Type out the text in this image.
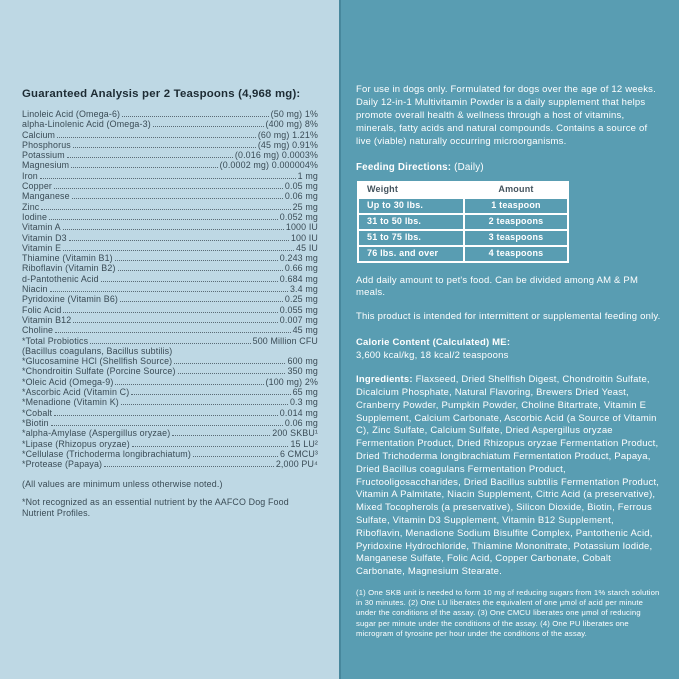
Guaranteed Analysis per 2 Teaspoons (4,968 mg):

Linoleic Acid (Omega-6)	(50 mg) 1%
alpha-Linolenic Acid (Omega-3)	(400 mg) 8%
Calcium	(60 mg) 1.21%
Phosphorus	(45 mg) 0.91%
Potassium	(0.016 mg) 0.0003%
Magnesium	(0.0002 mg) 0.000004%
Iron	1 mg
Copper	0.05 mg
Manganese	0.06 mg
Zinc	25 mg
Iodine	0.052 mg
Vitamin A	1000 IU
Vitamin D3	100 IU
Vitamin E	45 IU
Thiamine (Vitamin B1)	0.243 mg
Riboflavin (Vitamin B2)	0.66 mg
d-Pantothenic Acid	0.684 mg
Niacin	3.4 mg
Pyridoxine (Vitamin B6)	0.25 mg
Folic Acid	0.055 mg
Vitamin B12	0.007 mg
Choline	45 mg
*Total Probiotics	500 Million CFU
(Bacillus coagulans, Bacillus subtilis)
*Glucosamine HCl (Shellfish Source)	600 mg
*Chondroitin Sulfate (Porcine Source)	350 mg
*Oleic Acid (Omega-9)	(100 mg) 2%
*Ascorbic Acid (Vitamin C)	65 mg
*Menadione (Vitamin K)	0.3 mg
*Cobalt	0.014 mg
*Biotin	0.06 mg
*alpha-Amylase (Aspergillus oryzae)	200 SKBU¹
*Lipase (Rhizopus oryzae)	15 LU²
*Cellulase (Trichoderma longibrachiatum)	6 CMCU³
*Protease (Papaya)	2,000 PU⁴

(All values are minimum unless otherwise noted.)

*Not recognized as an essential nutrient by the AAFCO Dog Food Nutrient Profiles.

For use in dogs only. Formulated for dogs over the age of 12 weeks. Daily 12-in-1 Multivitamin Powder is a daily supplement that helps promote overall health & wellness through a host of vitamins, minerals, fatty acids and natural compounds. Contains a source of live (viable) naturally occurring microorganisms.

Feeding Directions: (Daily)

Weight	Amount
Up to 30 lbs.	1 teaspoon
31 to 50 lbs.	2 teaspoons
51 to 75 lbs.	3 teaspoons
76 lbs. and over	4 teaspoons

Add daily amount to pet's food. Can be divided among AM & PM meals.

This product is intended for intermittent or supplemental feeding only.

Calorie Content (Calculated) ME:

3,600 kcal/kg, 18 kcal/2 teaspoons

Ingredients: Flaxseed, Dried Shellfish Digest, Chondroitin Sulfate, Dicalcium Phosphate, Natural Flavoring, Brewers Dried Yeast, Cranberry Powder, Pumpkin Powder, Choline Bitartrate, Vitamin E Supplement, Calcium Carbonate, Ascorbic Acid (a Source of Vitamin C), Zinc Sulfate, Calcium Sulfate, Dried Aspergillus oryzae Fermentation Product, Dried Rhizopus oryzae Fermentation Product, Dried Trichoderma longibrachiatum Fermentation Product, Papaya, Dried Bacillus coagulans Fermentation Product, Fructooligosaccharides, Dried Bacillus subtilis Fermentation Product, Vitamin A Palmitate, Niacin Supplement, Citric Acid (a preservative), Mixed Tocopherols (a preservative), Silicon Dioxide, Biotin, Ferrous Sulfate, Vitamin D3 Supplement, Vitamin B12 Supplement, Riboflavin, Menadione Sodium Bisulfite Complex, Pantothenic Acid, Pyridoxine Hydrochloride, Thiamine Mononitrate, Potassium Iodide, Manganese Sulfate, Folic Acid, Copper Carbonate, Cobalt Carbonate, Magnesium Stearate.

(1) One SKB unit is needed to form 10 mg of reducing sugars from 1% starch solution in 30 minutes. (2) One LU liberates the equivalent of one μmol of acid per minute under the conditions of the assay. (3) One CMCU liberates one μmol of reducing sugar per minute under the conditions of the assay. (4) One PU liberates one microgram of tyrosine per hour under the conditions of the assay.
